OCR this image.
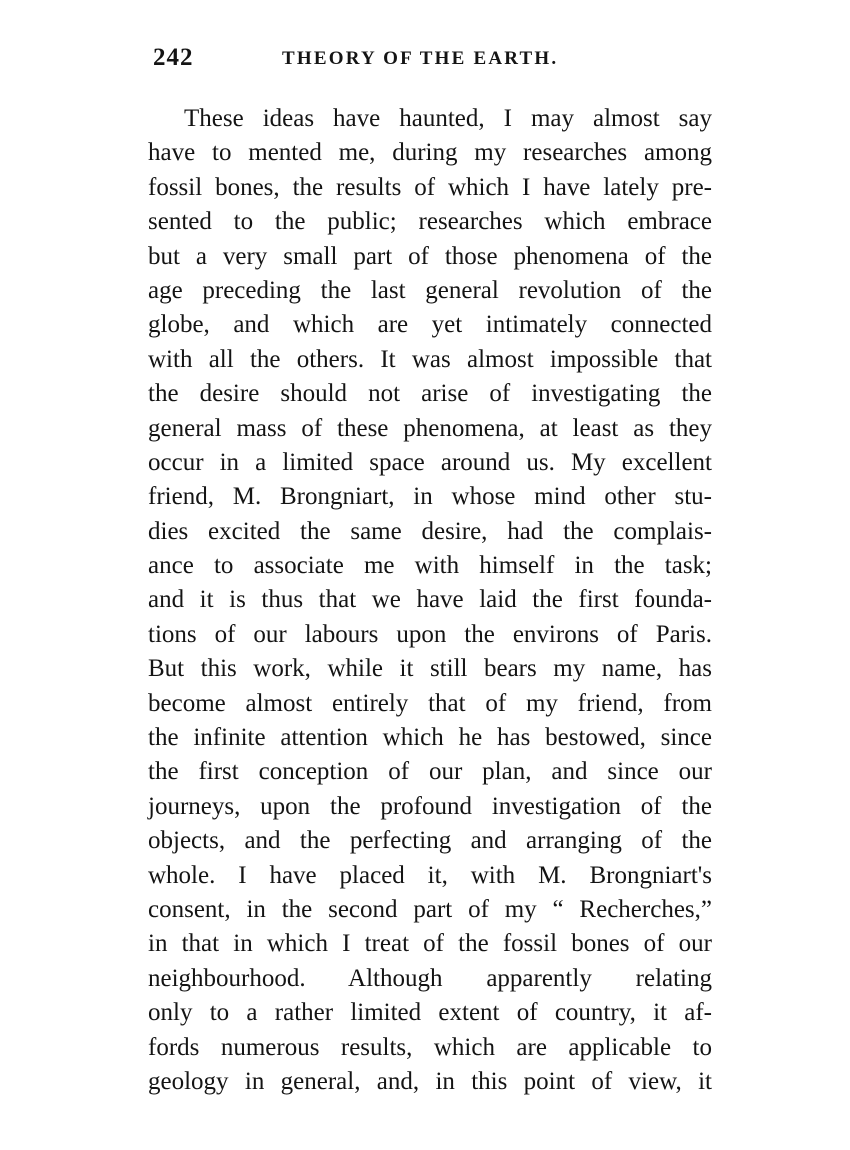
242	THEORY OF THE EARTH.
These ideas have haunted, I may almost say
have to mented me, during my researches among
fossil bones, the results of which I have lately pre-
sented to the public; researches which embrace
but a very small part of those phenomena of the
age preceding the last general revolution of the
globe, and which are yet intimately connected
with all the others. It was almost impossible that
the desire should not arise of investigating the
general mass of these phenomena, at least as they
occur in a limited space around us. My excellent
friend, M. Brongniart, in whose mind other stu-
dies excited the same desire, had the complais-
ance to associate me with himself in the task;
and it is thus that we have laid the first founda-
tions of our labours upon the environs of Paris.
But this work, while it still bears my name, has
become almost entirely that of my friend, from
the infinite attention which he has bestowed, since
the first conception of our plan, and since our
journeys, upon the profound investigation of the
objects, and the perfecting and arranging of the
whole. I have placed it, with M. Brongniart's
consent, in the second part of my “ Recherches,”
in that in which I treat of the fossil bones of our
neighbourhood. Although apparently relating
only to a rather limited extent of country, it af-
fords numerous results, which are applicable to
geology in general, and, in this point of view, it
